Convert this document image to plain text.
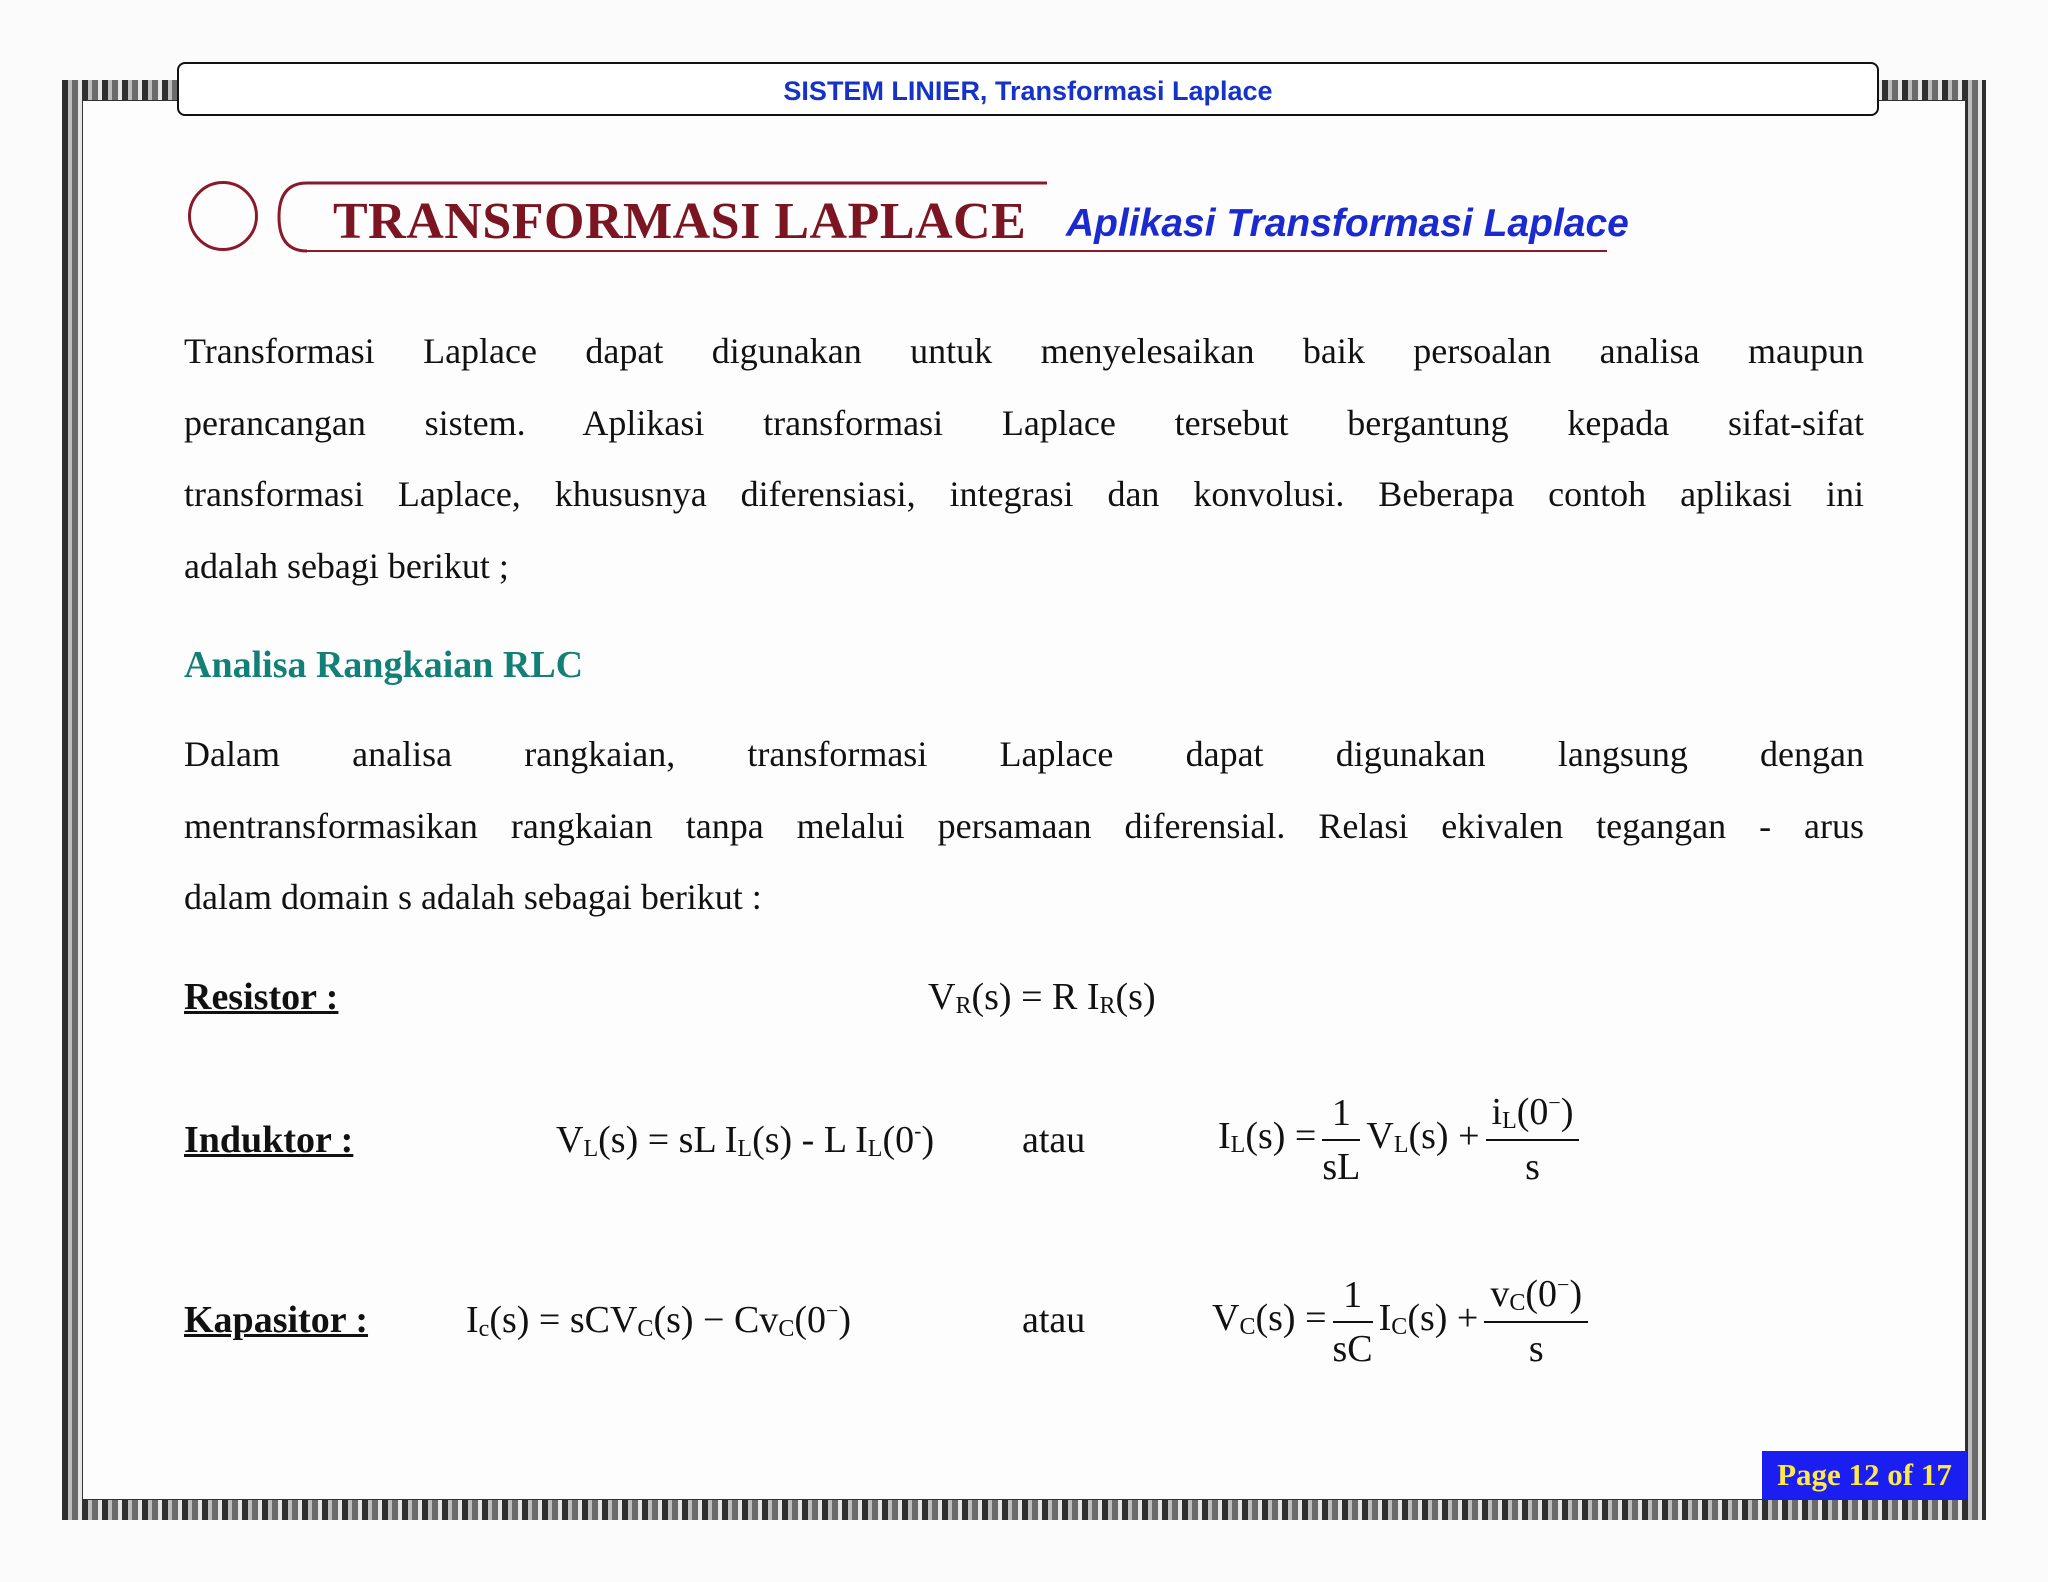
SISTEM LINIER, Transformasi Laplace
TRANSFORMASI LAPLACE Aplikasi Transformasi Laplace
Transformasi Laplace dapat digunakan untuk menyelesaikan baik persoalan analisa maupun
perancangan sistem. Aplikasi transformasi Laplace tersebut bergantung kepada sifat-sifat
transformasi Laplace, khususnya diferensiasi, integrasi dan konvolusi. Beberapa contoh aplikasi ini
adalah sebagi berikut ;
Analisa Rangkaian RLC
Dalam analisa rangkaian, transformasi Laplace dapat digunakan langsung dengan
mentransformasikan rangkaian tanpa melalui persamaan diferensial. Relasi ekivalen tegangan - arus
dalam domain s adalah sebagai berikut :
Resistor :	$V_R(s) = R$ $I_R(s)$
Induktor :	$V_L(s)$ = sL $I_L(s)$ - L $I_L(0^-)$ atau	$I_L(s) = \frac{1}{sL} V_L(s) + \frac{i_L(0^-)}{s}$
Kapasitor :	$I_c(s) = sCV_C(s) - Cv_C(0^-)$	atau	$V_C(s) = \frac{1}{sC} I_C(s) + \frac{v_C(0^-)}{s}$
Page 12 of 17
